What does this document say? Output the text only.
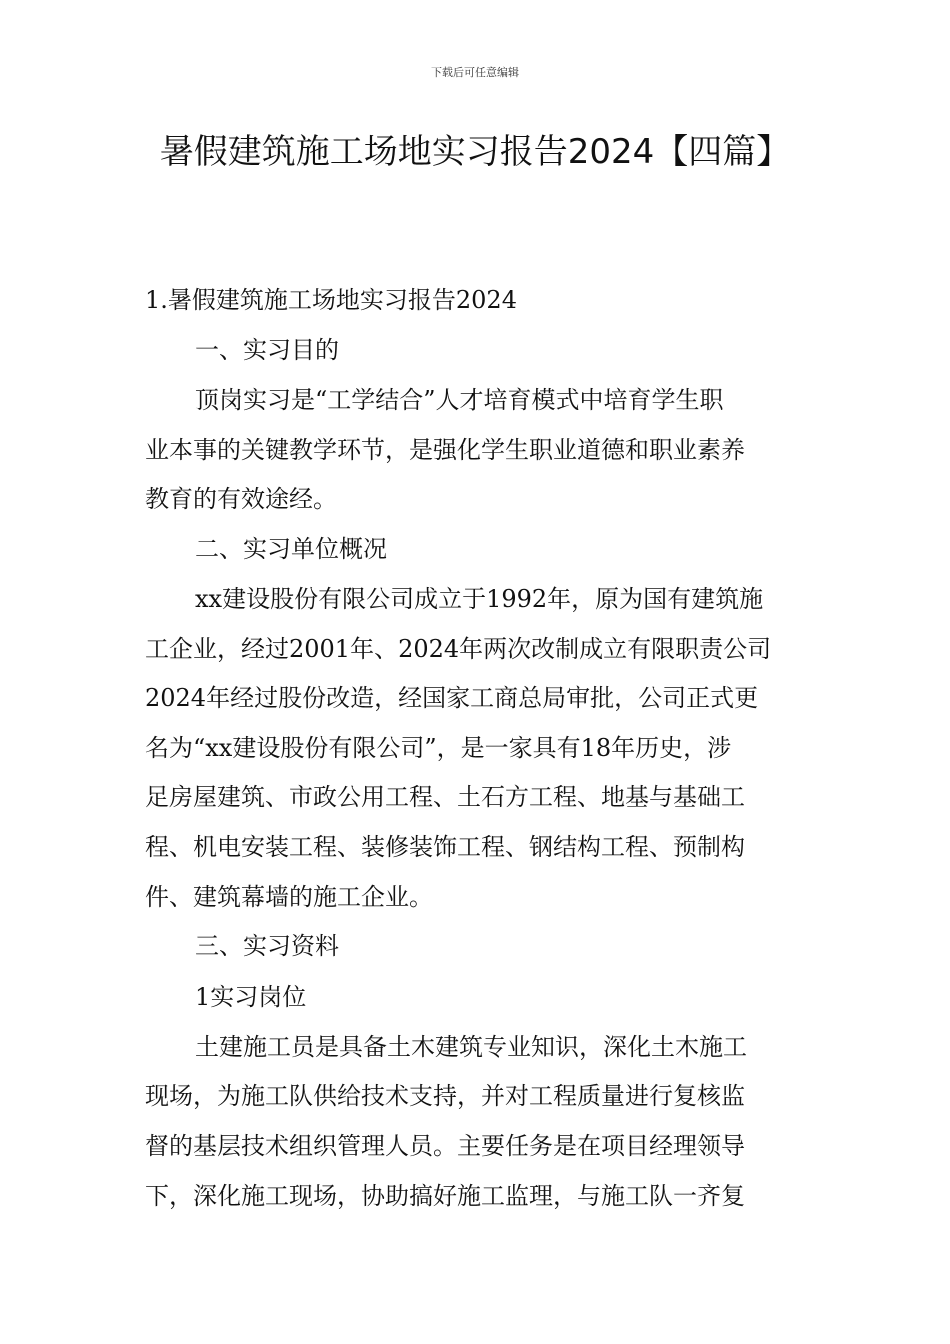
下载后可任意编辑
暑假建筑施工场地实习报告2024【四篇】
1.暑假建筑施工场地实习报告2024
一、实习目的
顶岗实习是“工学结合”人才培育模式中培育学生职
业本事的关键教学环节，是强化学生职业道德和职业素养
教育的有效途经。
二、实习单位概况
xx建设股份有限公司成立于1992年，原为国有建筑施
工企业，经过2001年、2024年两次改制成立有限职责公司
2024年经过股份改造，经国家工商总局审批，公司正式更
名为“xx建设股份有限公司”，是一家具有18年历史，涉
足房屋建筑、市政公用工程、土石方工程、地基与基础工
程、机电安装工程、装修装饰工程、钢结构工程、预制构
件、建筑幕墙的施工企业。
三、实习资料
1实习岗位
土建施工员是具备土木建筑专业知识，深化土木施工
现场，为施工队供给技术支持，并对工程质量进行复核监
督的基层技术组织管理人员。主要任务是在项目经理领导
下，深化施工现场，协助搞好施工监理，与施工队一齐复
